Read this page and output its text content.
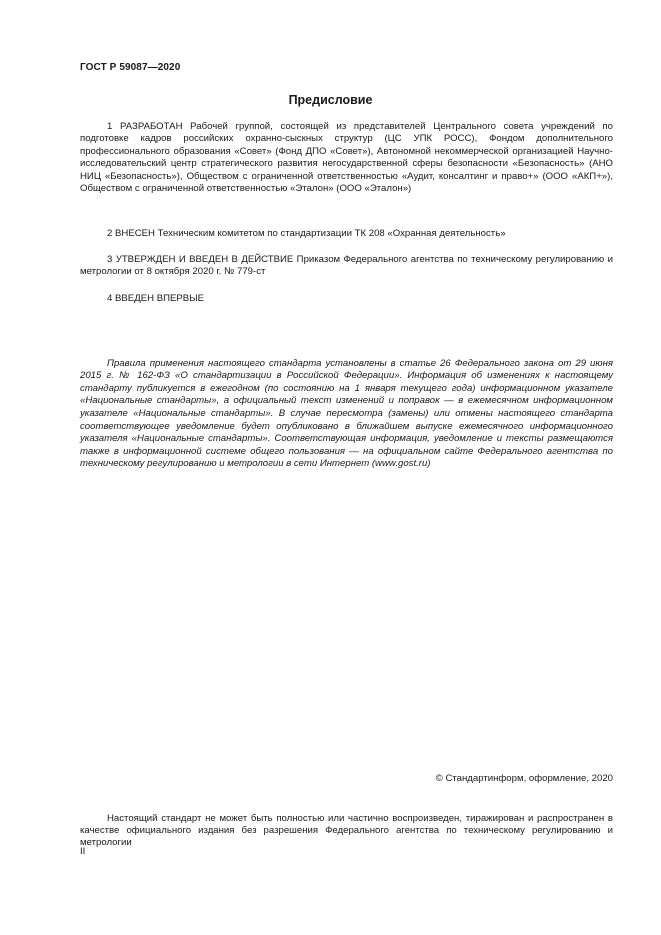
ГОСТ Р 59087—2020
Предисловие

1 РАЗРАБОТАН Рабочей группой, состоящей из представителей Центрального совета учреждений по подготовке кадров российских охранно-сыскных структур (ЦС УПК РОСС), Фондом дополнительного профессионального образования «Совет» (Фонд ДПО «Совет»), Автономной некоммерческой организацией Научно-исследовательский центр стратегического развития негосударственной сферы безопасности «Безопасность» (АНО НИЦ «Безопасность»), Обществом с ограниченной ответственностью «Аудит, консалтинг и право+» (ООО «АКП+»), Обществом с ограниченной ответственностью «Эталон» (ООО «Эталон»)

2 ВНЕСЕН Техническим комитетом по стандартизации ТК 208 «Охранная деятельность»

3 УТВЕРЖДЕН И ВВЕДЕН В ДЕЙСТВИЕ Приказом Федерального агентства по техническому регулированию и метрологии от 8 октября 2020 г. № 779-ст

4 ВВЕДЕН ВПЕРВЫЕ

Правила применения настоящего стандарта установлены в статье 26 Федерального закона от 29 июня 2015 г. № 162-ФЗ «О стандартизации в Российской Федерации». Информация об изменениях к настоящему стандарту публикуется в ежегодном (по состоянию на 1 января текущего года) информационном указателе «Национальные стандарты», а официальный текст изменений и поправок — в ежемесячном информационном указателе «Национальные стандарты». В случае пересмотра (замены) или отмены настоящего стандарта соответствующее уведомление будет опубликовано в ближайшем выпуске ежемесячного информационного указателя «Национальные стандарты». Соответствующая информация, уведомление и тексты размещаются также в информационной системе общего пользования — на официальном сайте Федерального агентства по техническому регулированию и метрологии в сети Интернет (www.gost.ru)

© Стандартинформ, оформление, 2020

Настоящий стандарт не может быть полностью или частично воспроизведен, тиражирован и распространен в качестве официального издания без разрешения Федерального агентства по техническому регулированию и метрологии

II
